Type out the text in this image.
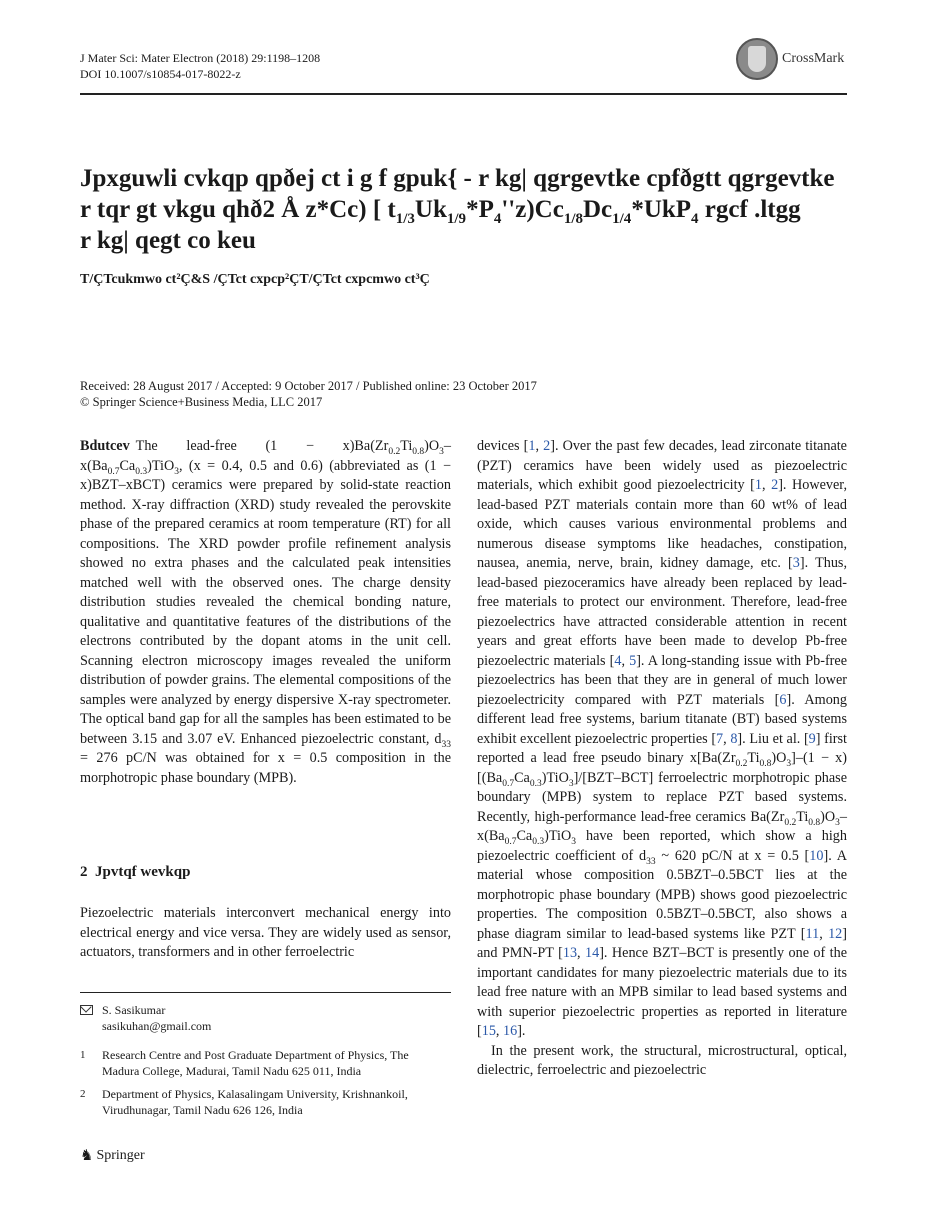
J Mater Sci: Mater Electron (2018) 29:1198–1208
DOI 10.1007/s10854-017-8022-z
CrossMark
Jpxguwli cvkqp qpðej ct i g f gpuk{ - r kg| qgrgevtke cpfðgtt qgrgevtke
r tqr gt vkgu qhð2 Å z*Cc) [ $t_{1/3}Uk_{1/9}*P_4''z)Cc_{1/8}Dc_{1/4}*UkP_4$ rgcf .ltgg
r kg| qegt co keu
T/ÇTcukmwo ct²Ç&S /ÇTct cxpcp²ÇT/ÇTct cxpcmwo ct³Ç
Received: 28 August 2017 / Accepted: 9 October 2017 / Published online: 23 October 2017
© Springer Science+Business Media, LLC 2017

Bdutcev The lead-free $(1 - x)Ba(Zr_{0.2}Ti_{0.8})O_3-$ $x(Ba_{0.7}Ca_{0.3})TiO_3$, (x = 0.4, 0.5 and 0.6) (abbreviated as (1 − x)BZT–xBCT) ceramics were prepared by solid-state reaction method. X-ray diffraction (XRD) study revealed the perovskite phase of the prepared ceramics at room temperature (RT) for all compositions. The XRD powder profile refinement analysis showed no extra phases and the calculated peak intensities matched well with the observed ones. The charge density distribution studies revealed the chemical bonding nature, qualitative and quantitative features of the distributions of the electrons contributed by the dopant atoms in the unit cell. Scanning electron microscopy images revealed the uniform distribution of powder grains. The elemental compositions of the samples were analyzed by energy dispersive X-ray spectrometer. The optical band gap for all the samples has been estimated to be between 3.15 and 3.07 eV. Enhanced piezoelectric constant, $d_{33} = 276$ pC/N was obtained for x = 0.5 composition in the morphotropic phase boundary (MPB).

2 Jpvtqf wevkqp

Piezoelectric materials interconvert mechanical energy into electrical energy and vice versa. They are widely used as sensor, actuators, transformers and in other ferroelectric

S. Sasikumar
sasikuhan@gmail.com
1 Research Centre and Post Graduate Department of Physics, The Madura College, Madurai, Tamil Nadu 625 011, India
2 Department of Physics, Kalasalingam University, Krishnankoil, Virudhunagar, Tamil Nadu 626 126, India

devices [1, 2]. Over the past few decades, lead zirconate titanate (PZT) ceramics have been widely used as piezoelectric materials, which exhibit good piezoelectricity [1, 2]. However, lead-based PZT materials contain more than 60 wt% of lead oxide, which causes various environmental problems and numerous disease symptoms like headaches, constipation, nausea, anemia, nerve, brain, kidney damage, etc. [3]. Thus, lead-based piezoceramics have already been replaced by lead-free materials to protect our environment. Therefore, lead-free piezoelectrics have attracted considerable attention in recent years and great efforts have been made to develop Pb-free piezoelectric materials [4, 5]. A long-standing issue with Pb-free piezoelectrics has been that they are in general of much lower piezoelectricity compared with PZT materials [6]. Among different lead free systems, barium titanate (BT) based systems exhibit excellent piezoelectric properties [7, 8]. Liu et al. [9] first reported a lead free pseudo binary $x[Ba(Zr_{0.2}Ti_{0.8})O_3]-(1 - x)[(Ba_{0.7}Ca_{0.3})TiO_3]/[BZT-BCT]$ ferroelectric morphotropic phase boundary (MPB) system to replace PZT based systems. Recently, high-performance lead-free ceramics $Ba(Zr_{0.2}Ti_{0.8})O_3-x(Ba_{0.7}Ca_{0.3})TiO_3$ have been reported, which show a high piezoelectric coefficient of $d_{33}$ ~ 620 pC/N at x = 0.5 [10]. A material whose composition 0.5BZT–0.5BCT lies at the morphotropic phase boundary (MPB) shows good piezoelectric properties. The composition 0.5BZT–0.5BCT, also shows a phase diagram similar to lead-based systems like PZT [11, 12] and PMN-PT [13, 14]. Hence BZT–BCT is presently one of the important candidates for many piezoelectric materials due to its lead free nature with an MPB similar to lead based systems and with superior piezoelectric properties as reported in literature [15, 16].

In the present work, the structural, microstructural, optical, dielectric, ferroelectric and piezoelectric

♞ Springer
